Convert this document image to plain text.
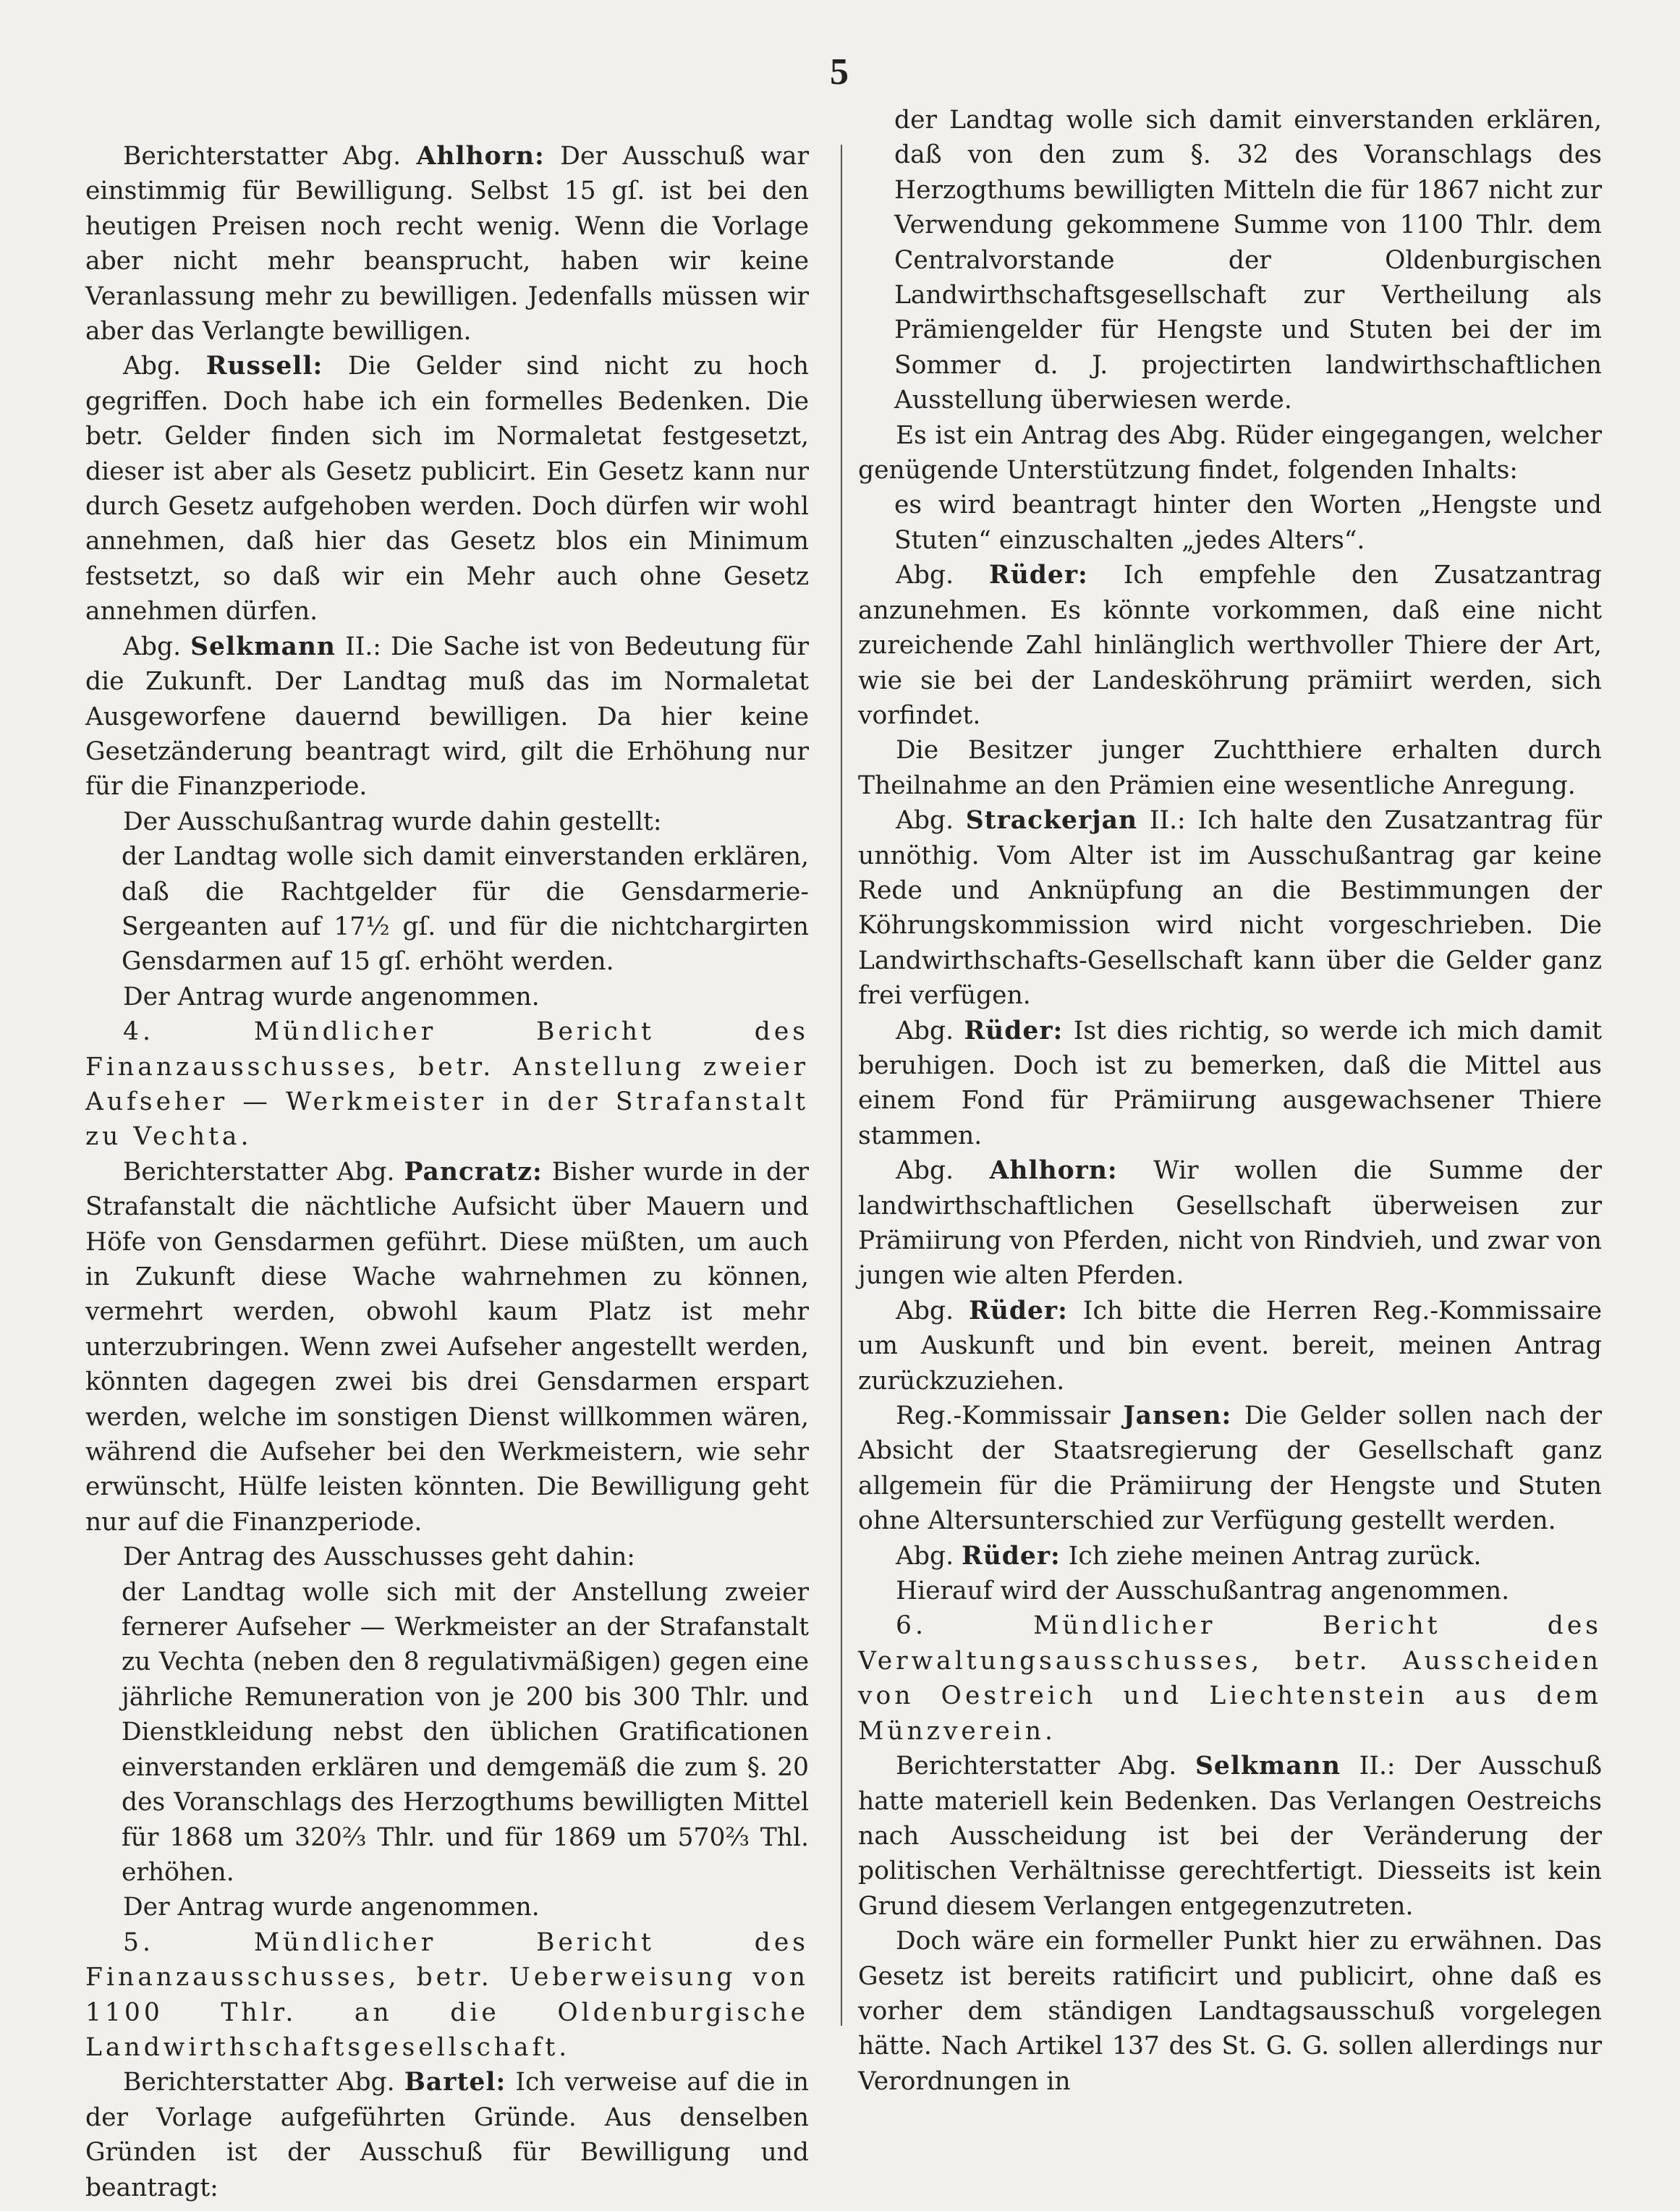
5

Berichterstatter Abg. Ahlhorn: Der Ausschuß war einstimmig für Bewilligung. Selbst 15 gſ. ist bei den heutigen Preisen noch recht wenig. Wenn die Vorlage aber nicht mehr beansprucht, haben wir keine Veranlassung mehr zu bewilligen. Jedenfalls müssen wir aber das Verlangte bewilligen.

Abg. Russell: Die Gelder sind nicht zu hoch gegriffen. Doch habe ich ein formelles Bedenken. Die betr. Gelder finden sich im Normaletat festgesetzt, dieser ist aber als Gesetz publicirt. Ein Gesetz kann nur durch Gesetz aufgehoben werden. Doch dürfen wir wohl annehmen, daß hier das Gesetz blos ein Minimum festsetzt, so daß wir ein Mehr auch ohne Gesetz annehmen dürfen.

Abg. Selkmann II.: Die Sache ist von Bedeutung für die Zukunft. Der Landtag muß das im Normaletat Ausgeworfene dauernd bewilligen. Da hier keine Gesetzänderung beantragt wird, gilt die Erhöhung nur für die Finanzperiode.

Der Ausschußantrag wurde dahin gestellt:

der Landtag wolle sich damit einverstanden erklären, daß die Rachtgelder für die Gensdarmerie-Sergeanten auf 17½ gſ. und für die nichtchargirten Gensdarmen auf 15 gſ. erhöht werden.

Der Antrag wurde angenommen.

4. Mündlicher Bericht des Finanzausschusses, betr. Anstellung zweier Aufseher — Werkmeister in der Strafanstalt zu Vechta.

Berichterstatter Abg. Pancratz: Bisher wurde in der Strafanstalt die nächtliche Aufsicht über Mauern und Höfe von Gensdarmen geführt. Diese müßten, um auch in Zukunft diese Wache wahrnehmen zu können, vermehrt werden, obwohl kaum Platz ist mehr unterzubringen. Wenn zwei Aufseher angestellt werden, könnten dagegen zwei bis drei Gensdarmen erspart werden, welche im sonstigen Dienst willkommen wären, während die Aufseher bei den Werkmeistern, wie sehr erwünscht, Hülfe leisten könnten. Die Bewilligung geht nur auf die Finanzperiode.

Der Antrag des Ausschusses geht dahin:

der Landtag wolle sich mit der Anstellung zweier fernerer Aufseher — Werkmeister an der Strafanstalt zu Vechta (neben den 8 regulativmäßigen) gegen eine jährliche Remuneration von je 200 bis 300 Thlr. und Dienstkleidung nebst den üblichen Gratificationen einverstanden erklären und demgemäß die zum §. 20 des Voranschlags des Herzogthums bewilligten Mittel für 1868 um 320⅔ Thlr. und für 1869 um 570⅔ Thl. erhöhen.

Der Antrag wurde angenommen.

5. Mündlicher Bericht des Finanzausschusses, betr. Ueberweisung von 1100 Thlr. an die Oldenburgische Landwirthschaftsgesellschaft.

Berichterstatter Abg. Bartel: Ich verweise auf die in der Vorlage aufgeführten Gründe. Aus denselben Gründen ist der Ausschuß für Bewilligung und beantragt:

der Landtag wolle sich damit einverstanden erklären, daß von den zum §. 32 des Voranschlags des Herzogthums bewilligten Mitteln die für 1867 nicht zur Verwendung gekommene Summe von 1100 Thlr. dem Centralvorstande der Oldenburgischen Landwirthschaftsgesellschaft zur Vertheilung als Prämiengelder für Hengste und Stuten bei der im Sommer d. J. projectirten landwirthschaftlichen Ausstellung überwiesen werde.

Es ist ein Antrag des Abg. Rüder eingegangen, welcher genügende Unterstützung findet, folgenden Inhalts:

es wird beantragt hinter den Worten „Hengste und Stuten“ einzuschalten „jedes Alters“.

Abg. Rüder: Ich empfehle den Zusatzantrag anzunehmen. Es könnte vorkommen, daß eine nicht zureichende Zahl hinlänglich werthvoller Thiere der Art, wie sie bei der Landesköhrung prämiirt werden, sich vorfindet.

Die Besitzer junger Zuchtthiere erhalten durch Theilnahme an den Prämien eine wesentliche Anregung.

Abg. Strackerjan II.: Ich halte den Zusatzantrag für unnöthig. Vom Alter ist im Ausschußantrag gar keine Rede und Anknüpfung an die Bestimmungen der Köhrungskommission wird nicht vorgeschrieben. Die Landwirthschafts-Gesellschaft kann über die Gelder ganz frei verfügen.

Abg. Rüder: Ist dies richtig, so werde ich mich damit beruhigen. Doch ist zu bemerken, daß die Mittel aus einem Fond für Prämiirung ausgewachsener Thiere stammen.

Abg. Ahlhorn: Wir wollen die Summe der landwirthschaftlichen Gesellschaft überweisen zur Prämiirung von Pferden, nicht von Rindvieh, und zwar von jungen wie alten Pferden.

Abg. Rüder: Ich bitte die Herren Reg.-Kommissaire um Auskunft und bin event. bereit, meinen Antrag zurückzuziehen.

Reg.-Kommissair Jansen: Die Gelder sollen nach der Absicht der Staatsregierung der Gesellschaft ganz allgemein für die Prämiirung der Hengste und Stuten ohne Altersunterschied zur Verfügung gestellt werden.

Abg. Rüder: Ich ziehe meinen Antrag zurück.

Hierauf wird der Ausschußantrag angenommen.

6. Mündlicher Bericht des Verwaltungsausschusses, betr. Ausscheiden von Oestreich und Liechtenstein aus dem Münzverein.

Berichterstatter Abg. Selkmann II.: Der Ausschuß hatte materiell kein Bedenken. Das Verlangen Oestreichs nach Ausscheidung ist bei der Veränderung der politischen Verhältnisse gerechtfertigt. Diesseits ist kein Grund diesem Verlangen entgegenzutreten.

Doch wäre ein formeller Punkt hier zu erwähnen. Das Gesetz ist bereits ratificirt und publicirt, ohne daß es vorher dem ständigen Landtagsausschuß vorgelegen hätte. Nach Artikel 137 des St. G. G. sollen allerdings nur Verordnungen in
